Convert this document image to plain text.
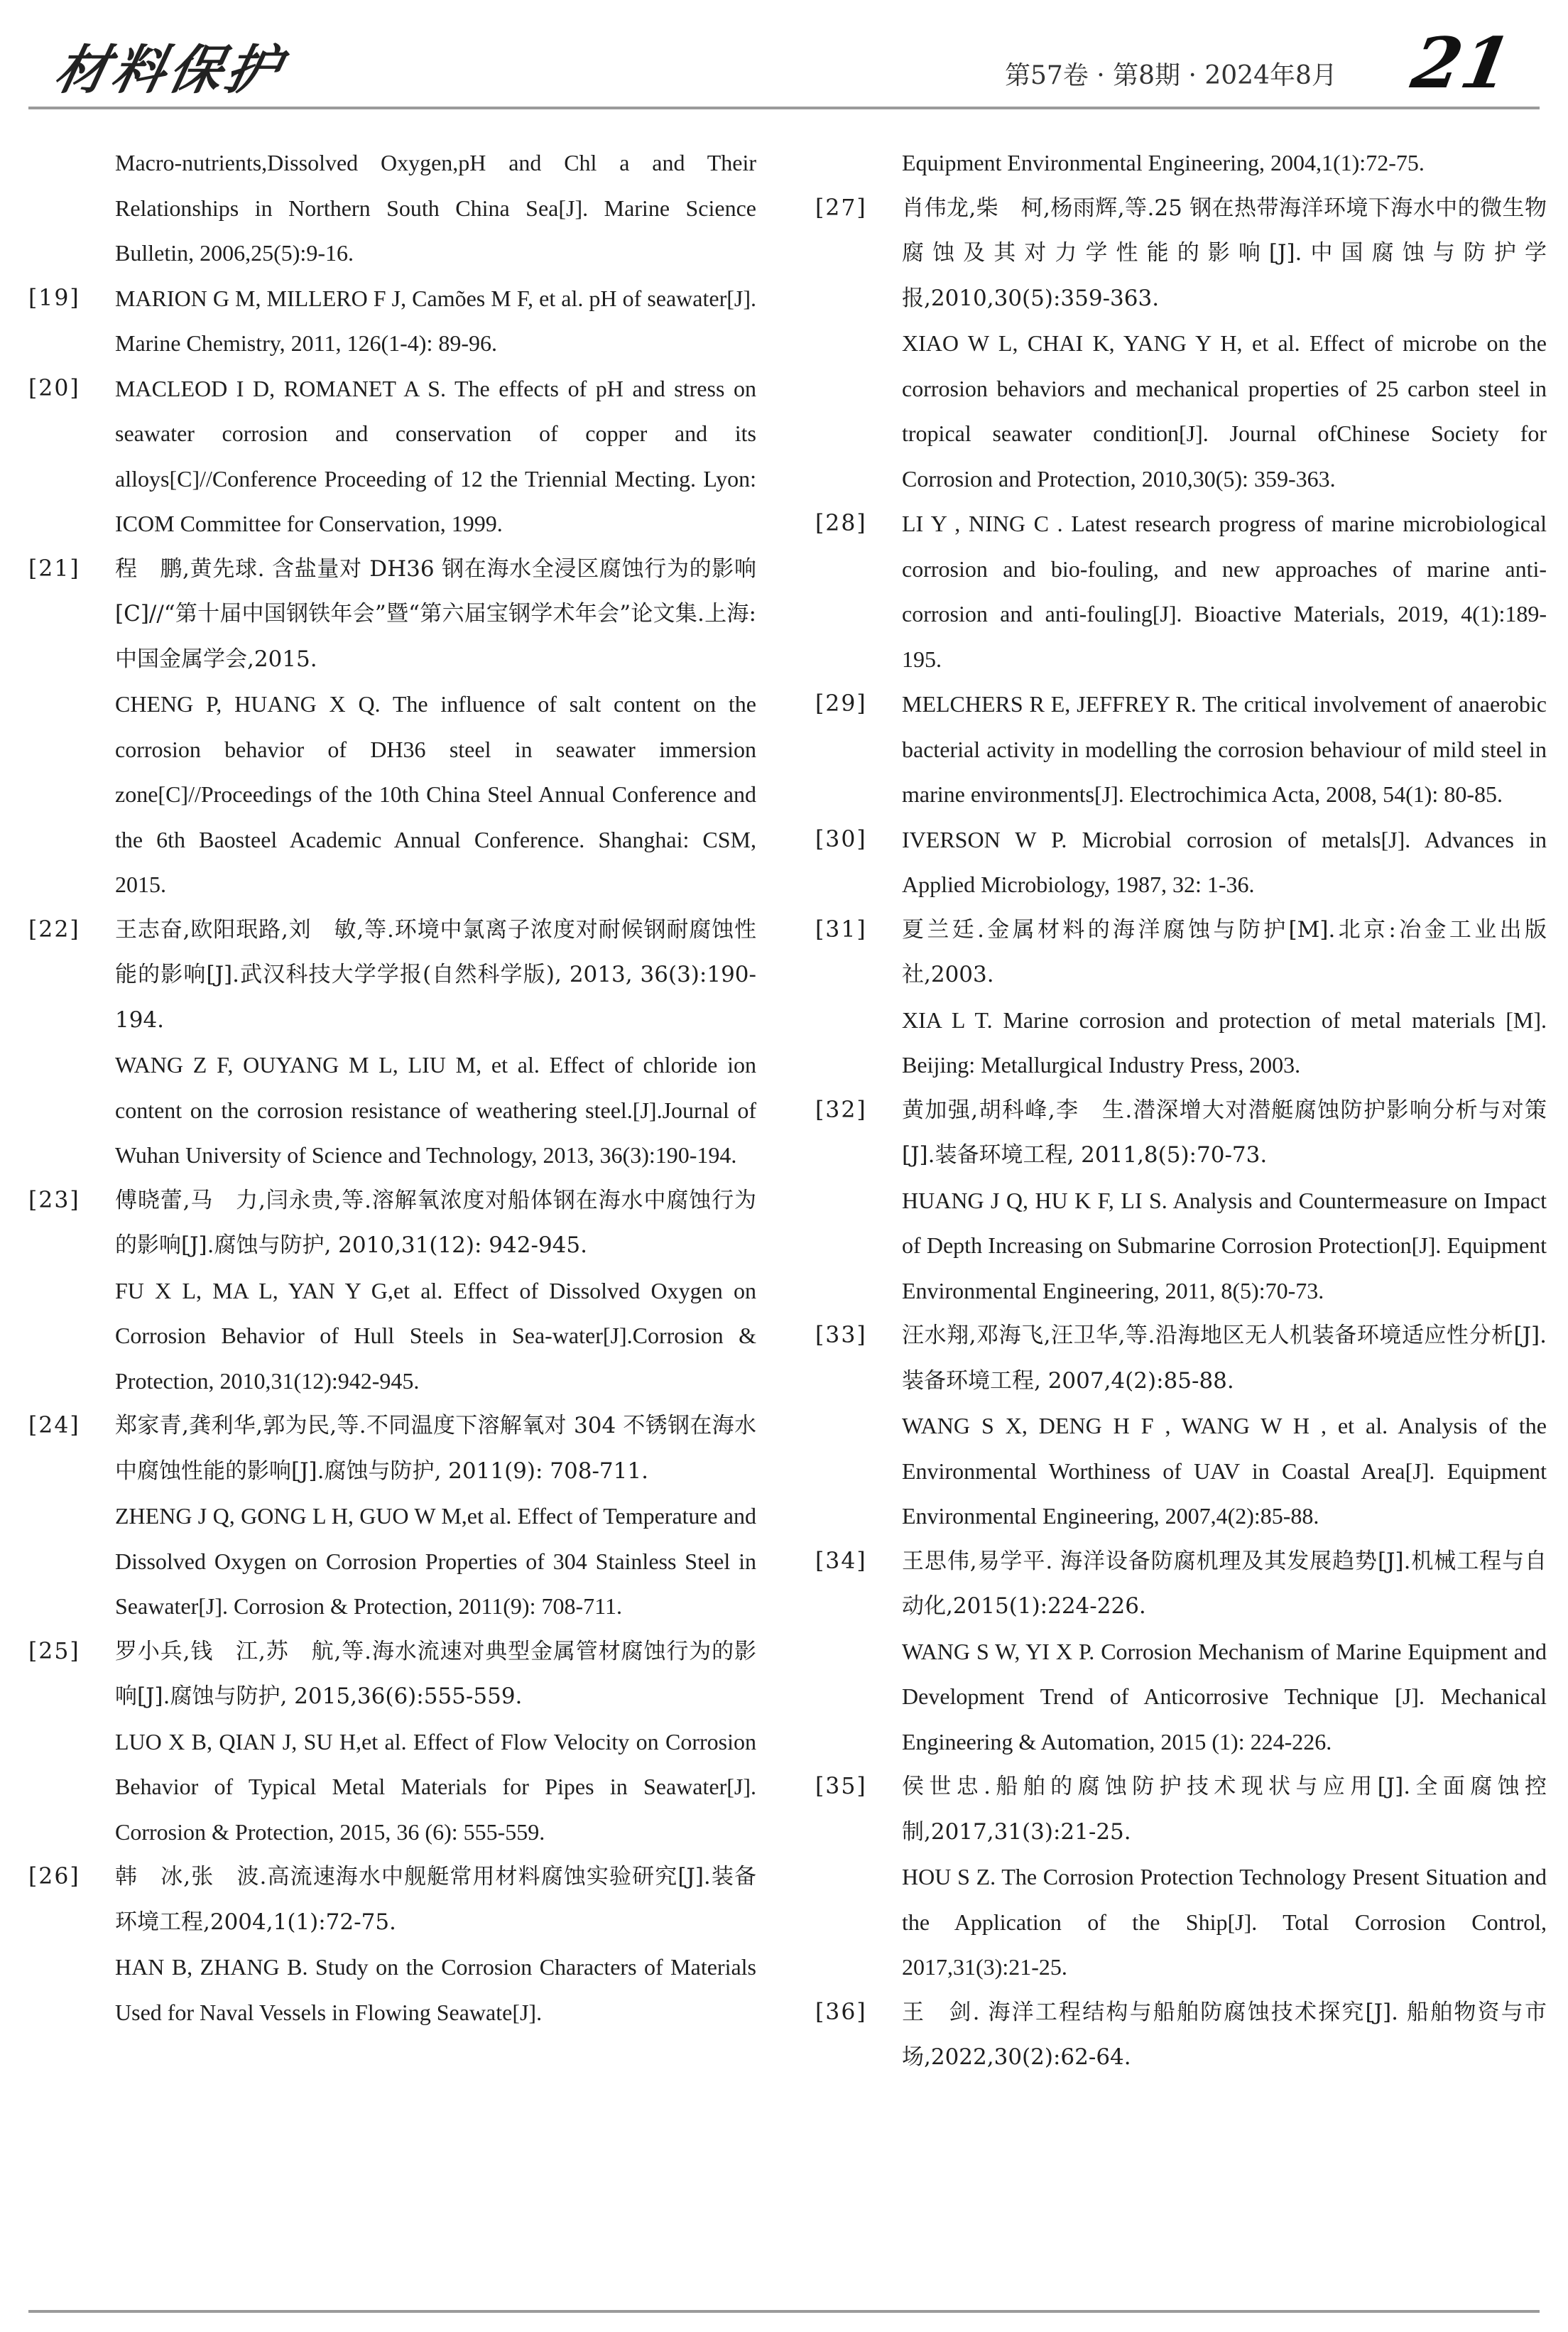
材料保护	第57卷 · 第8期 · 2024年8月 21

Macro-nutrients,Dissolved Oxygen,pH and Chl a and Their Relationships in Northern South China Sea[J]. Marine Science Bulletin, 2006,25(5):9-16.

[19]	MARION G M, MILLERO F J, Camões M F, et al. pH of seawater[J]. Marine Chemistry, 2011, 126(1-4): 89-96.

[20]	MACLEOD I D, ROMANET A S. The effects of pH and stress on seawater corrosion and conservation of copper and its alloys[C]//Conference Proceeding of 12 the Triennial Mecting. Lyon: ICOM Committee for Conservation, 1999.

[21]	程　鹏,黄先球. 含盐量对 DH36 钢在海水全浸区腐蚀行为的影响[C]//“第十届中国钢铁年会”暨“第六届宝钢学术年会”论文集.上海:中国金属学会,2015.

CHENG P, HUANG X Q. The influence of salt content on the corrosion behavior of DH36 steel in seawater immersion zone[C]//Proceedings of the 10th China Steel Annual Conference and the 6th Baosteel Academic Annual Conference. Shanghai: CSM, 2015.

[22]	王志奋,欧阳珉路,刘　敏,等.环境中氯离子浓度对耐候钢耐腐蚀性能的影响[J].武汉科技大学学报(自然科学版), 2013, 36(3):190-194.

WANG Z F, OUYANG M L, LIU M, et al. Effect of chloride ion content on the corrosion resistance of weathering steel.[J].Journal of Wuhan University of Science and Technology, 2013, 36(3):190-194.

[23]	傅晓蕾,马　力,闫永贵,等.溶解氧浓度对船体钢在海水中腐蚀行为的影响[J].腐蚀与防护, 2010,31(12): 942-945.

FU X L, MA L, YAN Y G,et al. Effect of Dissolved Oxygen on Corrosion Behavior of Hull Steels in Sea-water[J].Corrosion & Protection, 2010,31(12):942-945.

[24]	郑家青,龚利华,郭为民,等.不同温度下溶解氧对 304 不锈钢在海水中腐蚀性能的影响[J].腐蚀与防护, 2011(9): 708-711.

ZHENG J Q, GONG L H, GUO W M,et al. Effect of Temperature and Dissolved Oxygen on Corrosion Properties of 304 Stainless Steel in Seawater[J]. Corrosion & Protection, 2011(9): 708-711.

[25]	罗小兵,钱　江,苏　航,等.海水流速对典型金属管材腐蚀行为的影响[J].腐蚀与防护, 2015,36(6):555-559.

LUO X B, QIAN J, SU H,et al. Effect of Flow Velocity on Corrosion Behavior of Typical Metal Materials for Pipes in Seawater[J]. Corrosion & Protection, 2015, 36 (6): 555-559.

[26]	韩　冰,张　波.高流速海水中舰艇常用材料腐蚀实验研究[J].装备环境工程,2004,1(1):72-75.

HAN B, ZHANG B. Study on the Corrosion Characters of Materials Used for Naval Vessels in Flowing Seawate[J].

Equipment Environmental Engineering, 2004,1(1):72-75.

[27]	肖伟龙,柴　柯,杨雨辉,等.25 钢在热带海洋环境下海水中的微生物腐蚀及其对力学性能的影响[J].中国腐蚀与防护学报,2010,30(5):359-363.

XIAO W L, CHAI K, YANG Y H, et al. Effect of microbe on the corrosion behaviors and mechanical properties of 25 carbon steel in tropical seawater condition[J]. Journal ofChinese Society for Corrosion and Protection, 2010,30(5): 359-363.

[28]	LI Y , NING C . Latest research progress of marine microbiological corrosion and bio-fouling, and new approaches of marine anti-corrosion and anti-fouling[J]. Bioactive Materials, 2019, 4(1):189-195.

[29]	MELCHERS R E, JEFFREY R. The critical involvement of anaerobic bacterial activity in modelling the corrosion behaviour of mild steel in marine environments[J]. Electrochimica Acta, 2008, 54(1): 80-85.

[30]	IVERSON W P. Microbial corrosion of metals[J]. Advances in Applied Microbiology, 1987, 32: 1-36.

[31]	夏兰廷.金属材料的海洋腐蚀与防护[M].北京:冶金工业出版社,2003.

XIA L T. Marine corrosion and protection of metal materials [M]. Beijing: Metallurgical Industry Press, 2003.

[32]	黄加强,胡科峰,李　生.潜深增大对潜艇腐蚀防护影响分析与对策[J].装备环境工程, 2011,8(5):70-73.

HUANG J Q, HU K F, LI S. Analysis and Countermeasure on Impact of Depth Increasing on Submarine Corrosion Protection[J]. Equipment Environmental Engineering, 2011, 8(5):70-73.

[33]	汪水翔,邓海飞,汪卫华,等.沿海地区无人机装备环境适应性分析[J].装备环境工程, 2007,4(2):85-88.

WANG S X, DENG H F , WANG W H , et al. Analysis of the Environmental Worthiness of UAV in Coastal Area[J]. Equipment Environmental Engineering, 2007,4(2):85-88.

[34]	王思伟,易学平. 海洋设备防腐机理及其发展趋势[J].机械工程与自动化,2015(1):224-226.

WANG S W, YI X P. Corrosion Mechanism of Marine Equipment and Development Trend of Anticorrosive Technique [J]. Mechanical Engineering & Automation, 2015 (1): 224-226.

[35]	侯世忠.船舶的腐蚀防护技术现状与应用[J].全面腐蚀控制,2017,31(3):21-25.

HOU S Z. The Corrosion Protection Technology Present Situation and the Application of the Ship[J]. Total Corrosion Control, 2017,31(3):21-25.

[36]	王　剑. 海洋工程结构与船舶防腐蚀技术探究[J]. 船舶物资与市场,2022,30(2):62-64.
